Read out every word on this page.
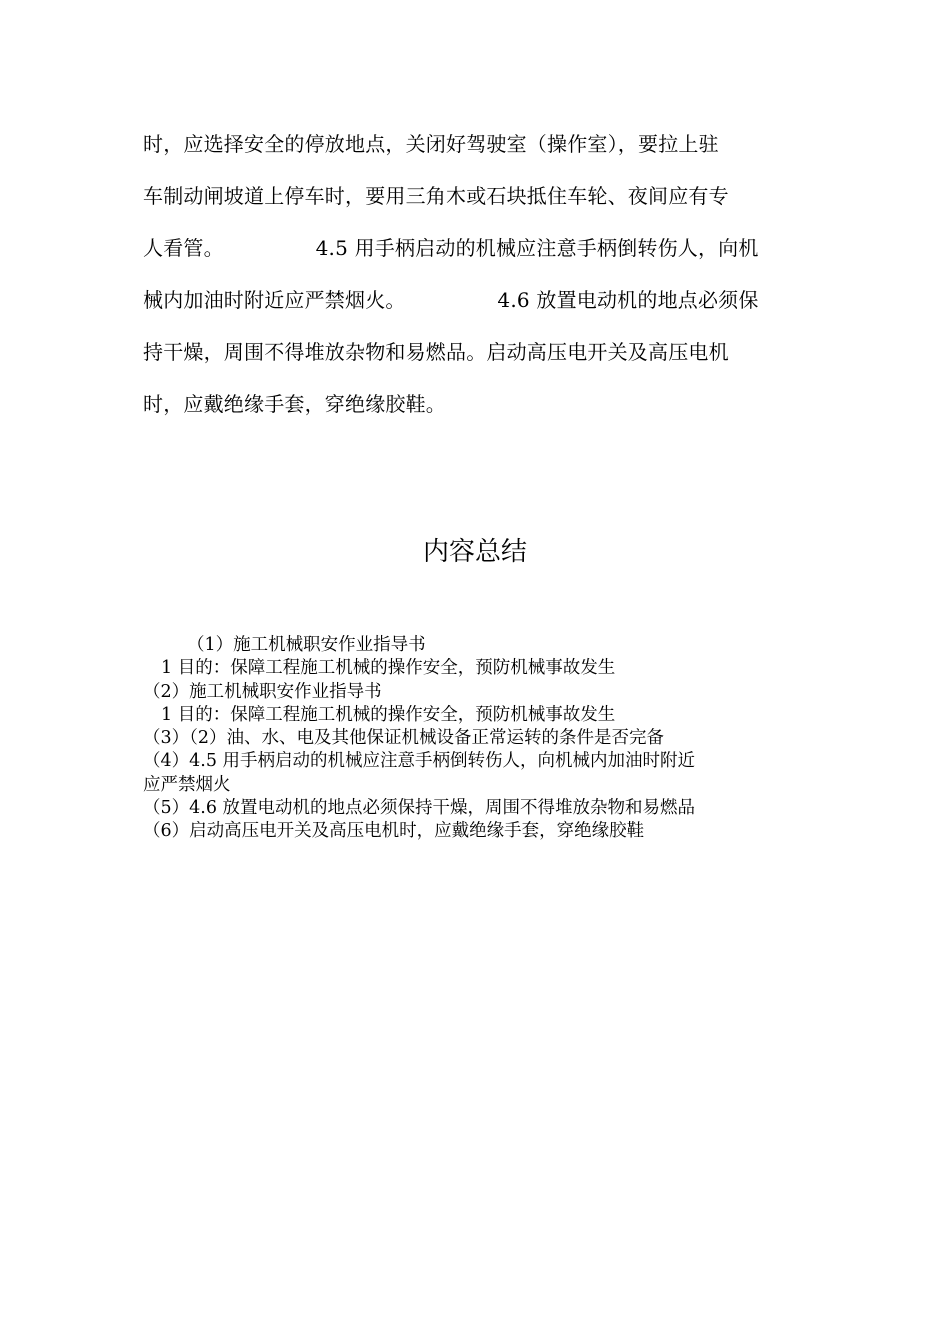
时，应选择安全的停放地点，关闭好驾驶室（操作室），要拉上驻
车制动闸坡道上停车时，要用三角木或石块抵住车轮、夜间应有专
人看管。              4.5 用手柄启动的机械应注意手柄倒转伤人，向机
械内加油时附近应严禁烟火。              4.6 放置电动机的地点必须保
持干燥，周围不得堆放杂物和易燃品。启动高压电开关及高压电机
时，应戴绝缘手套，穿绝缘胶鞋。
内容总结
（1）施工机械职安作业指导书
1 目的：保障工程施工机械的操作安全，预防机械事故发生
（2）施工机械职安作业指导书
1 目的：保障工程施工机械的操作安全，预防机械事故发生
（3）（2）油、水、电及其他保证机械设备正常运转的条件是否完备
（4）4.5 用手柄启动的机械应注意手柄倒转伤人，向机械内加油时附近
应严禁烟火
（5）4.6 放置电动机的地点必须保持干燥，周围不得堆放杂物和易燃品
（6）启动高压电开关及高压电机时，应戴绝缘手套，穿绝缘胶鞋
